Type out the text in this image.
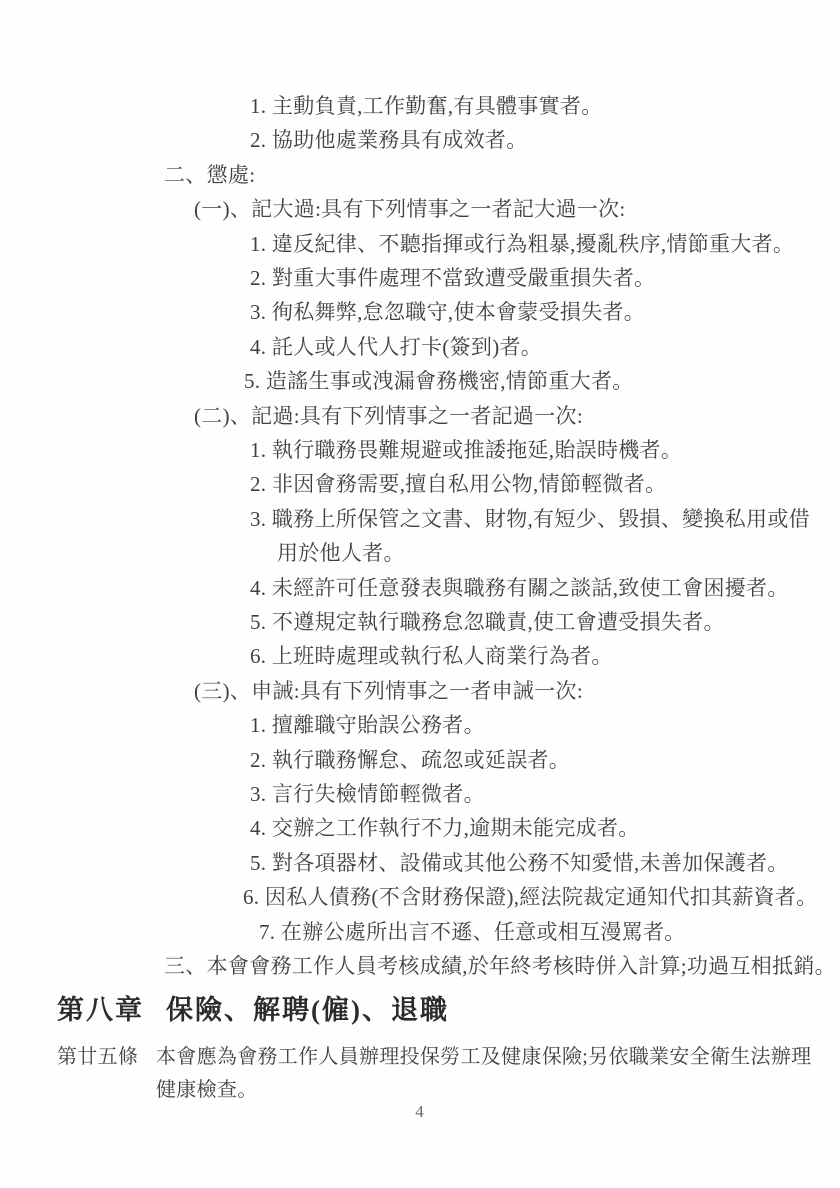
1. 主動負責,工作勤奮,有具體事實者。
2. 協助他處業務具有成效者。
二、懲處:
(一)、記大過:具有下列情事之一者記大過一次:
1. 違反紀律、不聽指揮或行為粗暴,擾亂秩序,情節重大者。
2. 對重大事件處理不當致遭受嚴重損失者。
3. 徇私舞弊,怠忽職守,使本會蒙受損失者。
4. 託人或人代人打卡(簽到)者。
5. 造謠生事或洩漏會務機密,情節重大者。
(二)、記過:具有下列情事之一者記過一次:
1. 執行職務畏難規避或推諉拖延,貽誤時機者。
2. 非因會務需要,擅自私用公物,情節輕微者。
3. 職務上所保管之文書、財物,有短少、毀損、變換私用或借
用於他人者。
4. 未經許可任意發表與職務有關之談話,致使工會困擾者。
5. 不遵規定執行職務怠忽職責,使工會遭受損失者。
6. 上班時處理或執行私人商業行為者。
(三)、申誡:具有下列情事之一者申誡一次:
1. 擅離職守貽誤公務者。
2. 執行職務懈怠、疏忽或延誤者。
3. 言行失檢情節輕微者。
4. 交辦之工作執行不力,逾期未能完成者。
5. 對各項器材、設備或其他公務不知愛惜,未善加保護者。
6. 因私人債務(不含財務保證),經法院裁定通知代扣其薪資者。
7. 在辦公處所出言不遜、任意或相互漫罵者。
三、本會會務工作人員考核成績,於年終考核時併入計算;功過互相抵銷。
第八章 保險、解聘(僱)、退職
第廿五條 本會應為會務工作人員辦理投保勞工及健康保險;另依職業安全衛生法辦理
健康檢查。
4
